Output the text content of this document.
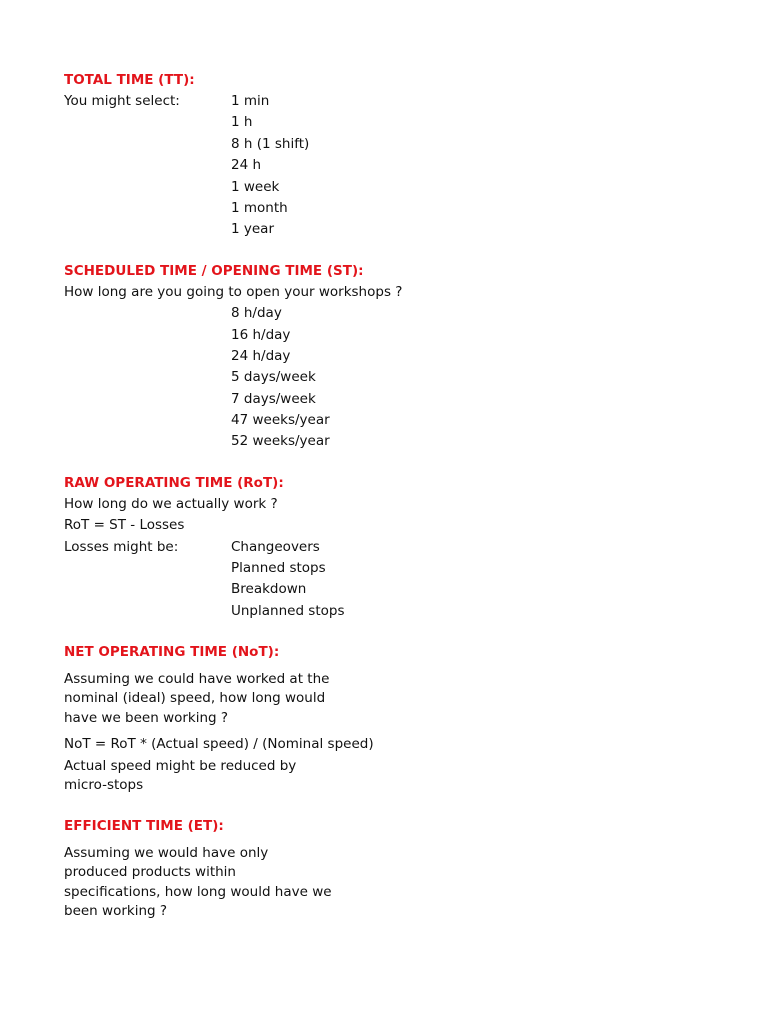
TOTAL TIME (TT):
You might select:	1 min
1 h
8 h (1 shift)
24 h
1 week
1 month
1 year
SCHEDULED TIME / OPENING TIME (ST):
How long are you going to open your workshops ?
8 h/day
16 h/day
24 h/day
5 days/week
7 days/week
47 weeks/year
52 weeks/year
RAW OPERATING TIME (RoT):
How long do we actually work ?
RoT = ST - Losses
Losses might be:	Changeovers
Planned stops
Breakdown
Unplanned stops
NET OPERATING TIME (NoT):

Assuming we could have worked at the nominal (ideal) speed, how long would have we been working ?

NoT = RoT * (Actual speed) / (Nominal speed)

Actual speed might be reduced by micro-stops

EFFICIENT TIME (ET):

Assuming we would have only produced products within specifications, how long would have we been working ?
